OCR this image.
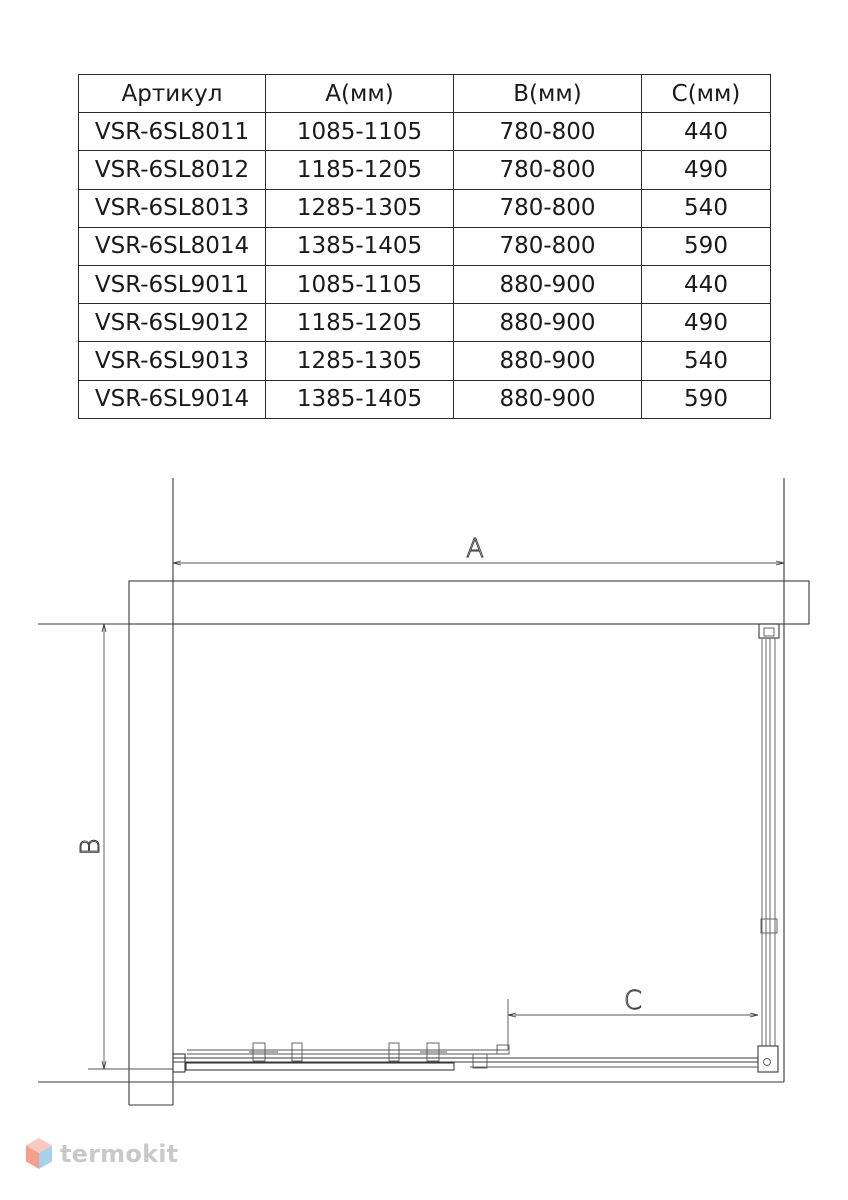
Артикул	A(мм)	B(мм)	C(мм)
VSR-6SL8011	1085-1105	780-800	440
VSR-6SL8012	1185-1205	780-800	490
VSR-6SL8013	1285-1305	780-800	540
VSR-6SL8014	1385-1405	780-800	590
VSR-6SL9011	1085-1105	880-900	440
VSR-6SL9012	1185-1205	880-900	490
VSR-6SL9013	1285-1305	880-900	540
VSR-6SL9014	1385-1405	880-900	590
A
B
C
termokit
